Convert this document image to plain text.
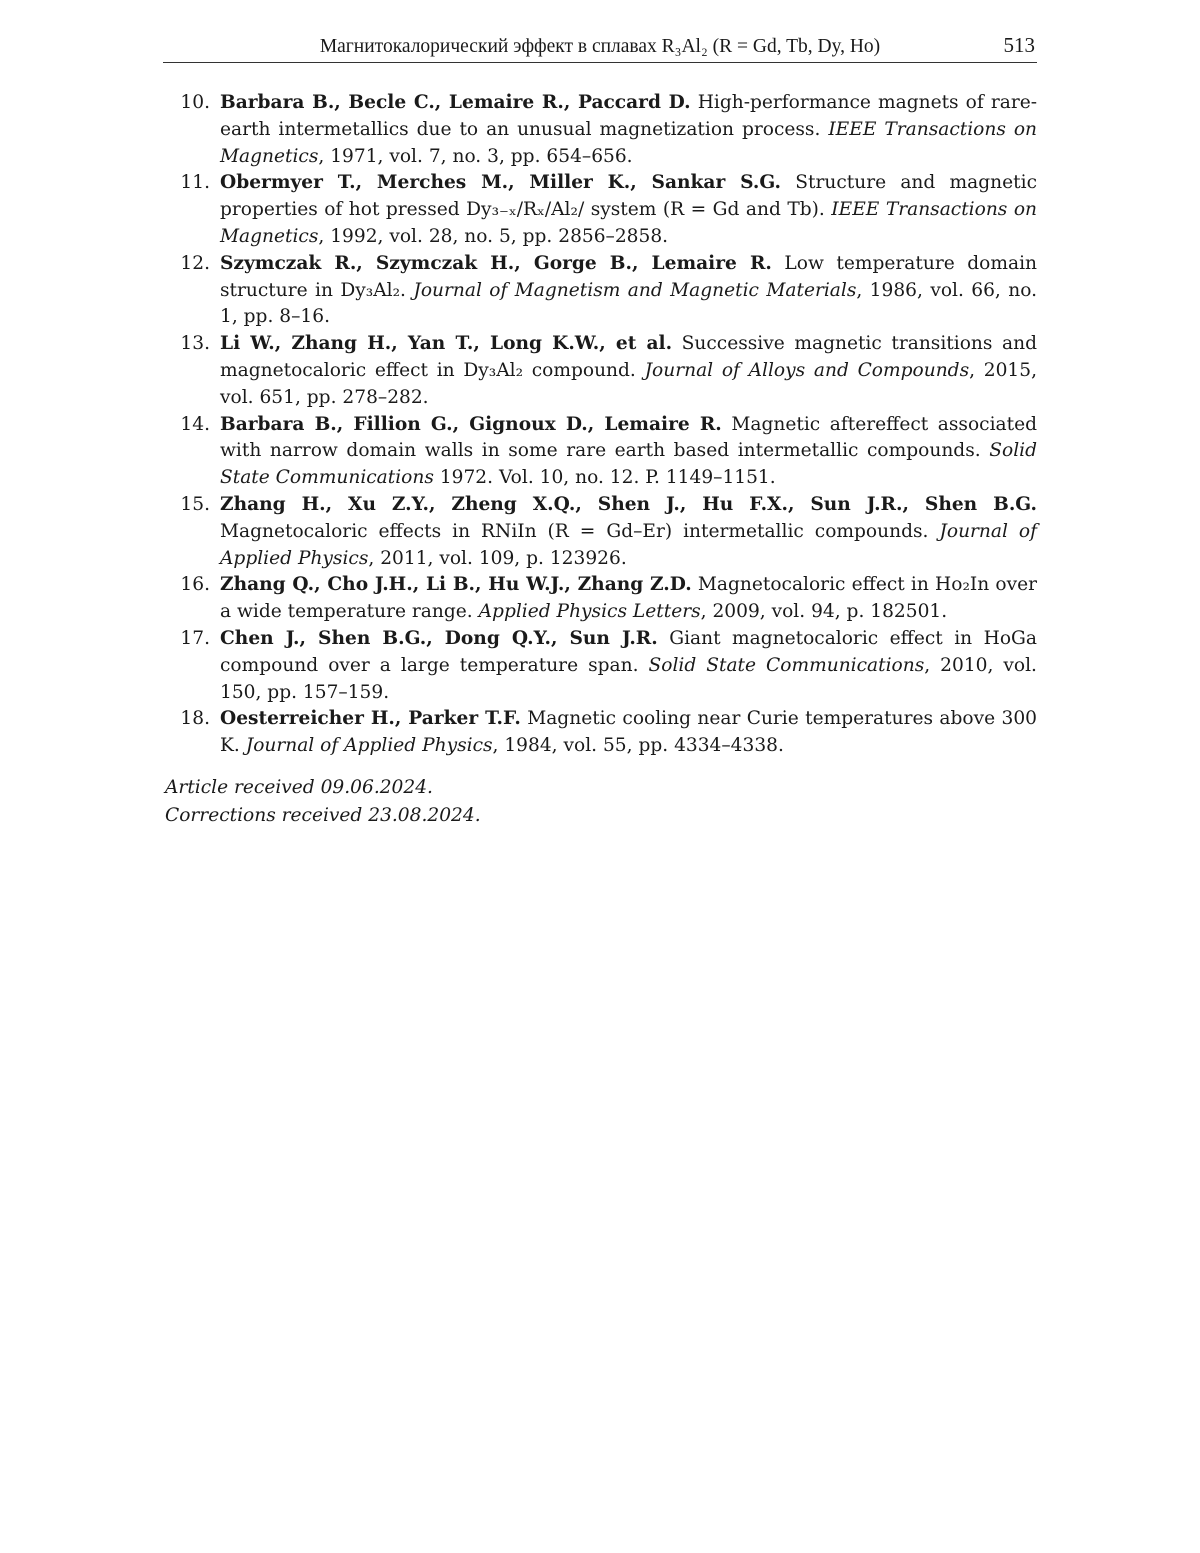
Магнитокалорический эффект в сплавах R₃Al₂ (R = Gd, Tb, Dy, Ho)	513

10. Barbara B., Becle C., Lemaire R., Paccard D. High-performance magnets of rare-earth intermetallics due to an unusual magnetization process. IEEE Transactions on Magnetics, 1971, vol. 7, no. 3, pp. 654–656.

11. Obermyer T., Merches M., Miller K., Sankar S.G. Structure and magnetic properties of hot pressed Dy₃₋ₓ/Rₓ/Al₂/ system (R = Gd and Tb). IEEE Transactions on Magnetics, 1992, vol. 28, no. 5, pp. 2856–2858.

12. Szymczak R., Szymczak H., Gorge B., Lemaire R. Low temperature domain structure in Dy₃Al₂. Journal of Magnetism and Magnetic Materials, 1986, vol. 66, no. 1, pp. 8–16.

13. Li W., Zhang H., Yan T., Long K.W., et al. Successive magnetic transitions and magnetocaloric effect in Dy₃Al₂ compound. Journal of Alloys and Compounds, 2015, vol. 651, pp. 278–282.

14. Barbara B., Fillion G., Gignoux D., Lemaire R. Magnetic aftereffect associated with narrow domain walls in some rare earth based intermetallic compounds. Solid State Communications 1972. Vol. 10, no. 12. P. 1149–1151.

15. Zhang H., Xu Z.Y., Zheng X.Q., Shen J., Hu F.X., Sun J.R., Shen B.G. Magnetocaloric effects in RNiIn (R = Gd–Er) intermetallic compounds. Journal of Applied Physics, 2011, vol. 109, p. 123926.

16. Zhang Q., Cho J.H., Li B., Hu W.J., Zhang Z.D. Magnetocaloric effect in Ho₂In over a wide temperature range. Applied Physics Letters, 2009, vol. 94, p. 182501.

17. Chen J., Shen B.G., Dong Q.Y., Sun J.R. Giant magnetocaloric effect in HoGa compound over a large temperature span. Solid State Communications, 2010, vol. 150, pp. 157–159.

18. Oesterreicher H., Parker T.F. Magnetic cooling near Curie temperatures above 300 K. Journal of Applied Physics, 1984, vol. 55, pp. 4334–4338.

Article received 09.06.2024.
Corrections received 23.08.2024.
